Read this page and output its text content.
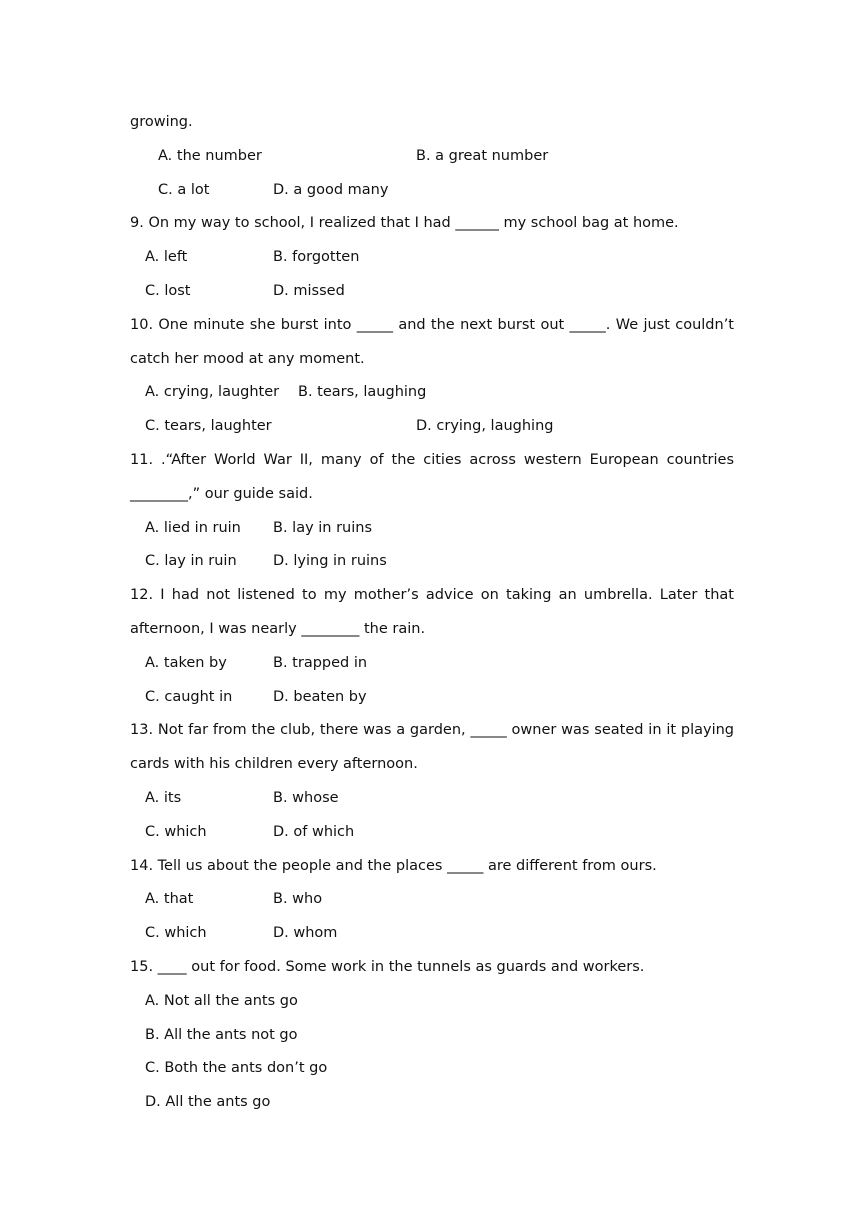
growing.
A. the number	B. a great number
C. a lot	D. a good many
9. On my way to school, I realized that I had ______ my school bag at home.
A. left	B. forgotten
C. lost	D. missed
10. One minute she burst into _____ and the next burst out _____. We just couldn’t
catch her mood at any moment.
A. crying, laughter B. tears, laughing
C. tears, laughter	D. crying, laughing
11. .“After World War II, many of the cities across western European countries
________,” our guide said.
A. lied in ruin B. lay in ruins
C. lay in ruin	D. lying in ruins
12. I had not listened to my mother’s advice on taking an umbrella. Later that
afternoon, I was nearly ________ the rain.
A. taken by	B. trapped in
C. caught in	D. beaten by
13. Not far from the club, there was a garden, _____ owner was seated in it playing
cards with his children every afternoon.
A. its	B. whose
C. which	D. of which
14. Tell us about the people and the places _____ are different from ours.
A. that	B. who
C. which	D. whom
15. ____ out for food. Some work in the tunnels as guards and workers.
A. Not all the ants go
B. All the ants not go
C. Both the ants don’t go
D. All the ants go
